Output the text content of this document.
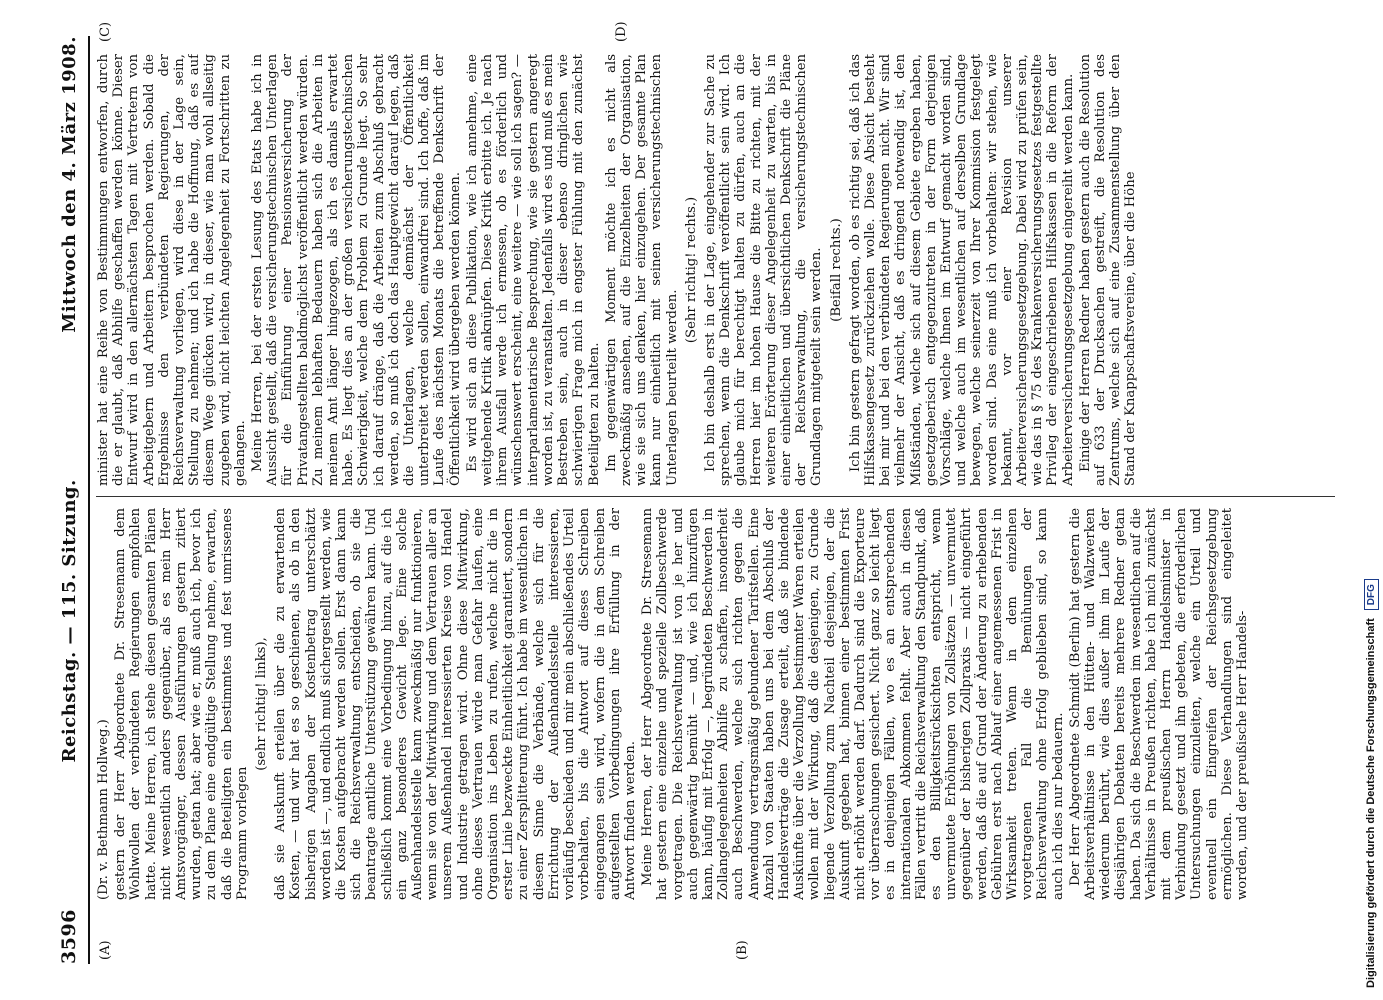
3596
Reichstag. — 115. Sitzung.
Mittwoch den 4. März 1908.
(A)	(B)
(C)	(D)

(Dr. v. Bethmann Hollweg.) gestern der Herr Abgeordnete Dr. Stresemann dem Wohlwollen der verbündeten Regierungen empfohlen hatte. Meine Herren, ich stehe diesen gesamten Plänen nicht wesentlich anders gegenüber, als es mein Herr Amtsvorgänger, dessen Ausführungen gestern zitiert wurden, getan hat; aber wie er, muß auch ich, bevor ich zu dem Plane eine endgültige Stellung nehme, erwarten, daß die Beteiligten ein bestimmtes und fest umrissenes Programm vorlegen

(sehr richtig! links), daß sie Auskunft erteilen über die zu erwartenden Kosten, — und wir hat es so geschienen, als ob in den bisherigen Angaben der Kostenbetrag unterschätzt worden ist —, und endlich muß sichergestellt werden, wie die Kosten aufgebracht werden sollen. Erst dann kann sich die Reichsverwaltung entscheiden, ob sie die beantragte amtliche Unterstützung gewähren kann. Und schließlich kommt eine Vorbedingung hinzu, auf die ich ein ganz besonderes Gewicht lege. Eine solche Außenhandelsstelle kann zweckmäßig nur funktionieren, wenn sie von der Mitwirkung und dem Vertrauen aller an unserem Außenhandel interessierten Kreise von Handel und Industrie getragen wird. Ohne diese Mitwirkung, ohne dieses Vertrauen würde man Gefahr laufen, eine Organisation ins Leben zu rufen, welche nicht die in erster Linie bezweckte Einheitlichkeit garantiert, sondern zu einer Zersplitterung führt. Ich habe im wesentlichen in diesem Sinne die Verbände, welche sich für die Errichtung der Außenhandelsstelle interessieren, vorläufig beschieden und mir mein abschließendes Urteil vorbehalten, bis die Antwort auf dieses Schreiben eingegangen sein wird, wofern die in dem Schreiben aufgestellten Vorbedingungen ihre Erfüllung in der Antwort finden werden. Meine Herren, der Herr Abgeordnete Dr. Stresemann hat gestern eine einzelne und spezielle Zollbeschwerde vorgetragen. Die Reichsverwaltung ist von je her und auch gegenwärtig bemüht — und, wie ich hinzufügen kann, häufig mit Erfolg —, begründeten Beschwerden in Zollangelegenheiten Abhilfe zu schaffen, insonderheit auch Beschwerden, welche sich richten gegen die Anwendung vertragsmäßig gebundener Tarifstellen. Eine Anzahl von Staaten haben uns bei dem Abschluß der Handelsverträge die Zusage erteilt, daß sie bindende Auskünfte über die Verzollung bestimmter Waren erteilen wollen mit der Wirkung, daß die desjenigen, zu Grunde liegende Verzollung zum Nachteil desjenigen, der die Auskunft gegeben hat, binnen einer bestimmten Frist nicht erhöht werden darf. Dadurch sind die Exporteure vor überraschungen gesichert. Nicht ganz so leicht liegt es in denjenigen Fällen, wo es an entsprechenden internationalen Abkommen fehlt. Aber auch in diesen Fällen vertritt die Reichsverwaltung den Standpunkt, daß es den Billigkeitsrücksichten entspricht, wenn unvermutete Erhöhungen von Zollsätzen — unvermutet gegenüber der bisherigen Zollpraxis — nicht eingeführt werden, daß die auf Grund der Änderung zu erhebenden Gebühren erst nach Ablauf einer angemessenen Frist in Wirksamkeit treten. Wenn in dem einzelnen vorgetragenen Fall die Bemühungen der Reichsverwaltung ohne Erfolg geblieben sind, so kann auch ich dies nur bedauern. Der Herr Abgeordnete Schmidt (Berlin) hat gestern die Arbeitsverhältnisse in den Hütten- und Walzwerken wiederum berührt, wie dies außer ihm im Laufe der diesjährigen Debatten bereits mehrere Redner getan haben. Da sich die Beschwerden im wesentlichen auf die Verhältnisse in Preußen richten, habe ich mich zunächst mit dem preußischen Herrn Handelsminister in Verbindung gesetzt und ihn gebeten, die erforderlichen Untersuchungen einzuleiten, welche ein Urteil und eventuell ein Eingreifen der Reichsgesetzgebung ermöglichen. Diese Verhandlungen sind eingeleitet worden, und der preußische Herr Handels-

minister hat eine Reihe von Bestimmungen entworfen, durch die er glaubt, daß Abhilfe geschaffen werden könne. Dieser Entwurf wird in den allernächsten Tagen mit Vertretern von Arbeitgebern und Arbeitern besprochen werden. Sobald die Ergebnisse den verbündeten Regierungen, der Reichsverwaltung vorliegen, wird diese in der Lage sein, Stellung zu nehmen; und ich habe die Hoffnung, daß es auf diesem Wege glücken wird, in dieser, wie man wohl allseitig zugeben wird, nicht leichten Angelegenheit zu Fortschritten zu gelangen. Meine Herren, bei der ersten Lesung des Etats habe ich in Aussicht gestellt, daß die versicherungstechnischen Unterlagen für die Einführung einer Pensionsversicherung der Privatangestellten baldmöglichst veröffentlicht werden würden. Zu meinem lebhaften Bedauern haben sich die Arbeiten in meinem Amt länger hingezogen, als ich es damals erwartet habe. Es liegt dies an der großen versicherungstechnischen Schwierigkeit, welche dem Problem zu Grunde liegt. So sehr ich darauf dränge, daß die Arbeiten zum Abschluß gebracht werden, so muß ich doch das Hauptgewicht darauf legen, daß die Unterlagen, welche demnächst der Öffentlichkeit unterbreitet werden sollen, einwandfrei sind. Ich hoffe, daß im Laufe des nächsten Monats die betreffende Denkschrift der Öffentlichkeit wird übergeben werden können. Es wird sich an diese Publikation, wie ich annehme, eine weitgehende Kritik anknüpfen. Diese Kritik erbitte ich. Je nach ihrem Ausfall werde ich ermessen, ob es förderlich und wünschenswert erscheint, eine weitere — wie soll ich sagen? — interparlamentarische Besprechung, wie sie gestern angeregt worden ist, zu veranstalten. Jedenfalls wird es und muß es mein Bestreben sein, auch in dieser ebenso dringlichen wie schwierigen Frage mich in engster Fühlung mit den zunächst Beteiligten zu halten. Im gegenwärtigen Moment möchte ich es nicht als zweckmäßig ansehen, auf die Einzelheiten der Organisation, wie sie sich uns denken, hier einzugehen. Der gesamte Plan kann nur einheitlich mit seinen versicherungstechnischen Unterlagen beurteilt werden.

(Sehr richtig! rechts.) Ich bin deshalb erst in der Lage, eingehender zur Sache zu sprechen, wenn die Denkschrift veröffentlicht sein wird. Ich glaube mich für berechtigt halten zu dürfen, auch an die Herren hier im hohen Hause die Bitte zu richten, mit der weiteren Erörterung dieser Angelegenheit zu warten, bis in einer einheitlichen und übersichtlichen Denkschrift die Pläne der Reichsverwaltung, die versicherungstechnischen Grundlagen mitgeteilt sein werden. (Beifall rechts.) Ich bin gestern gefragt worden, ob es richtig sei, daß ich das Hilfskassengesetz zurückziehen wolle. Diese Absicht besteht bei mir und bei den verbündeten Regierungen nicht. Wir sind vielmehr der Ansicht, daß es dringend notwendig ist, den Mißständen, welche sich auf diesem Gebiete ergeben haben, gesetzgeberisch entgegenzutreten in der Form derjenigen Vorschläge, welche Ihnen im Entwurf gemacht worden sind, und welche auch im wesentlichen auf derselben Grundlage bewegen, welche seinerzeit von Ihrer Kommission festgelegt worden sind. Das eine muß ich vorbehalten: wir stehen, wie bekannt, vor einer Revision unserer Arbeiterversicherungsgesetzgebung. Dabei wird zu prüfen sein, wie das in § 75 des Krankenversicherungsgesetzes festgestellte Privileg der eingeschriebenen Hilfskassen in die Reform der Arbeiterversicherungsgesetzgebung eingereiht werden kann. Einige der Herren Redner haben gestern auch die Resolution auf 633 der Drucksachen gestreift, die Resolution des Zentrums, welche sich auf eine Zusammenstellung über den Stand der Knappschaftsvereine, über die Höhe

Digitalisierung gefördert durch die Deutsche Forschungsgemeinschaft
DFG
